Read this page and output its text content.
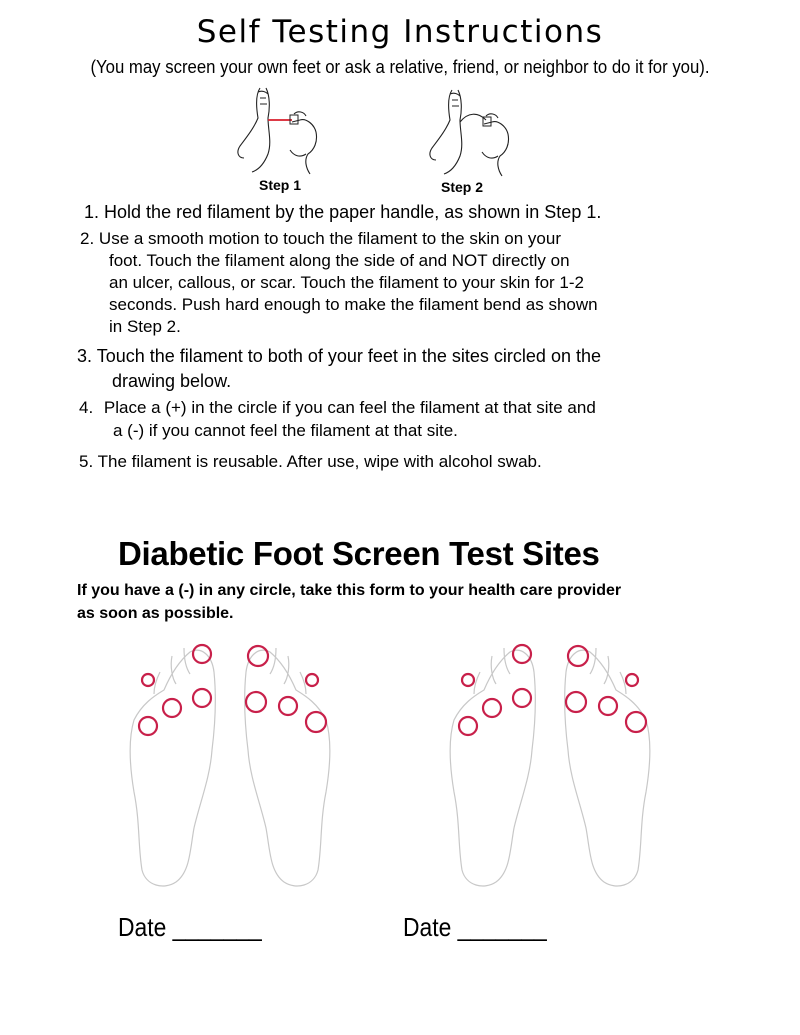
Self Testing Instructions
(You may screen your own feet or ask a relative, friend, or neighbor to do it for you).
Step 1	Step 2
1. Hold the red filament by the paper handle, as shown in Step 1.
2. Use a smooth motion to touch the filament to the skin on your
foot. Touch the filament along the side of and NOT directly on
an ulcer, callous, or scar. Touch the filament to your skin for 1-2
seconds. Push hard enough to make the filament bend as shown
in Step 2.
3. Touch the filament to both of your feet in the sites circled on the
drawing below.
4. Place a (+) in the circle if you can feel the filament at that site and
a (-) if you cannot feel the filament at that site.
5. The filament is reusable. After use, wipe with alcohol swab.
Diabetic Foot Screen Test Sites
If you have a (-) in any circle, take this form to your health care provider
as soon as possible.
Date _______	Date _______
